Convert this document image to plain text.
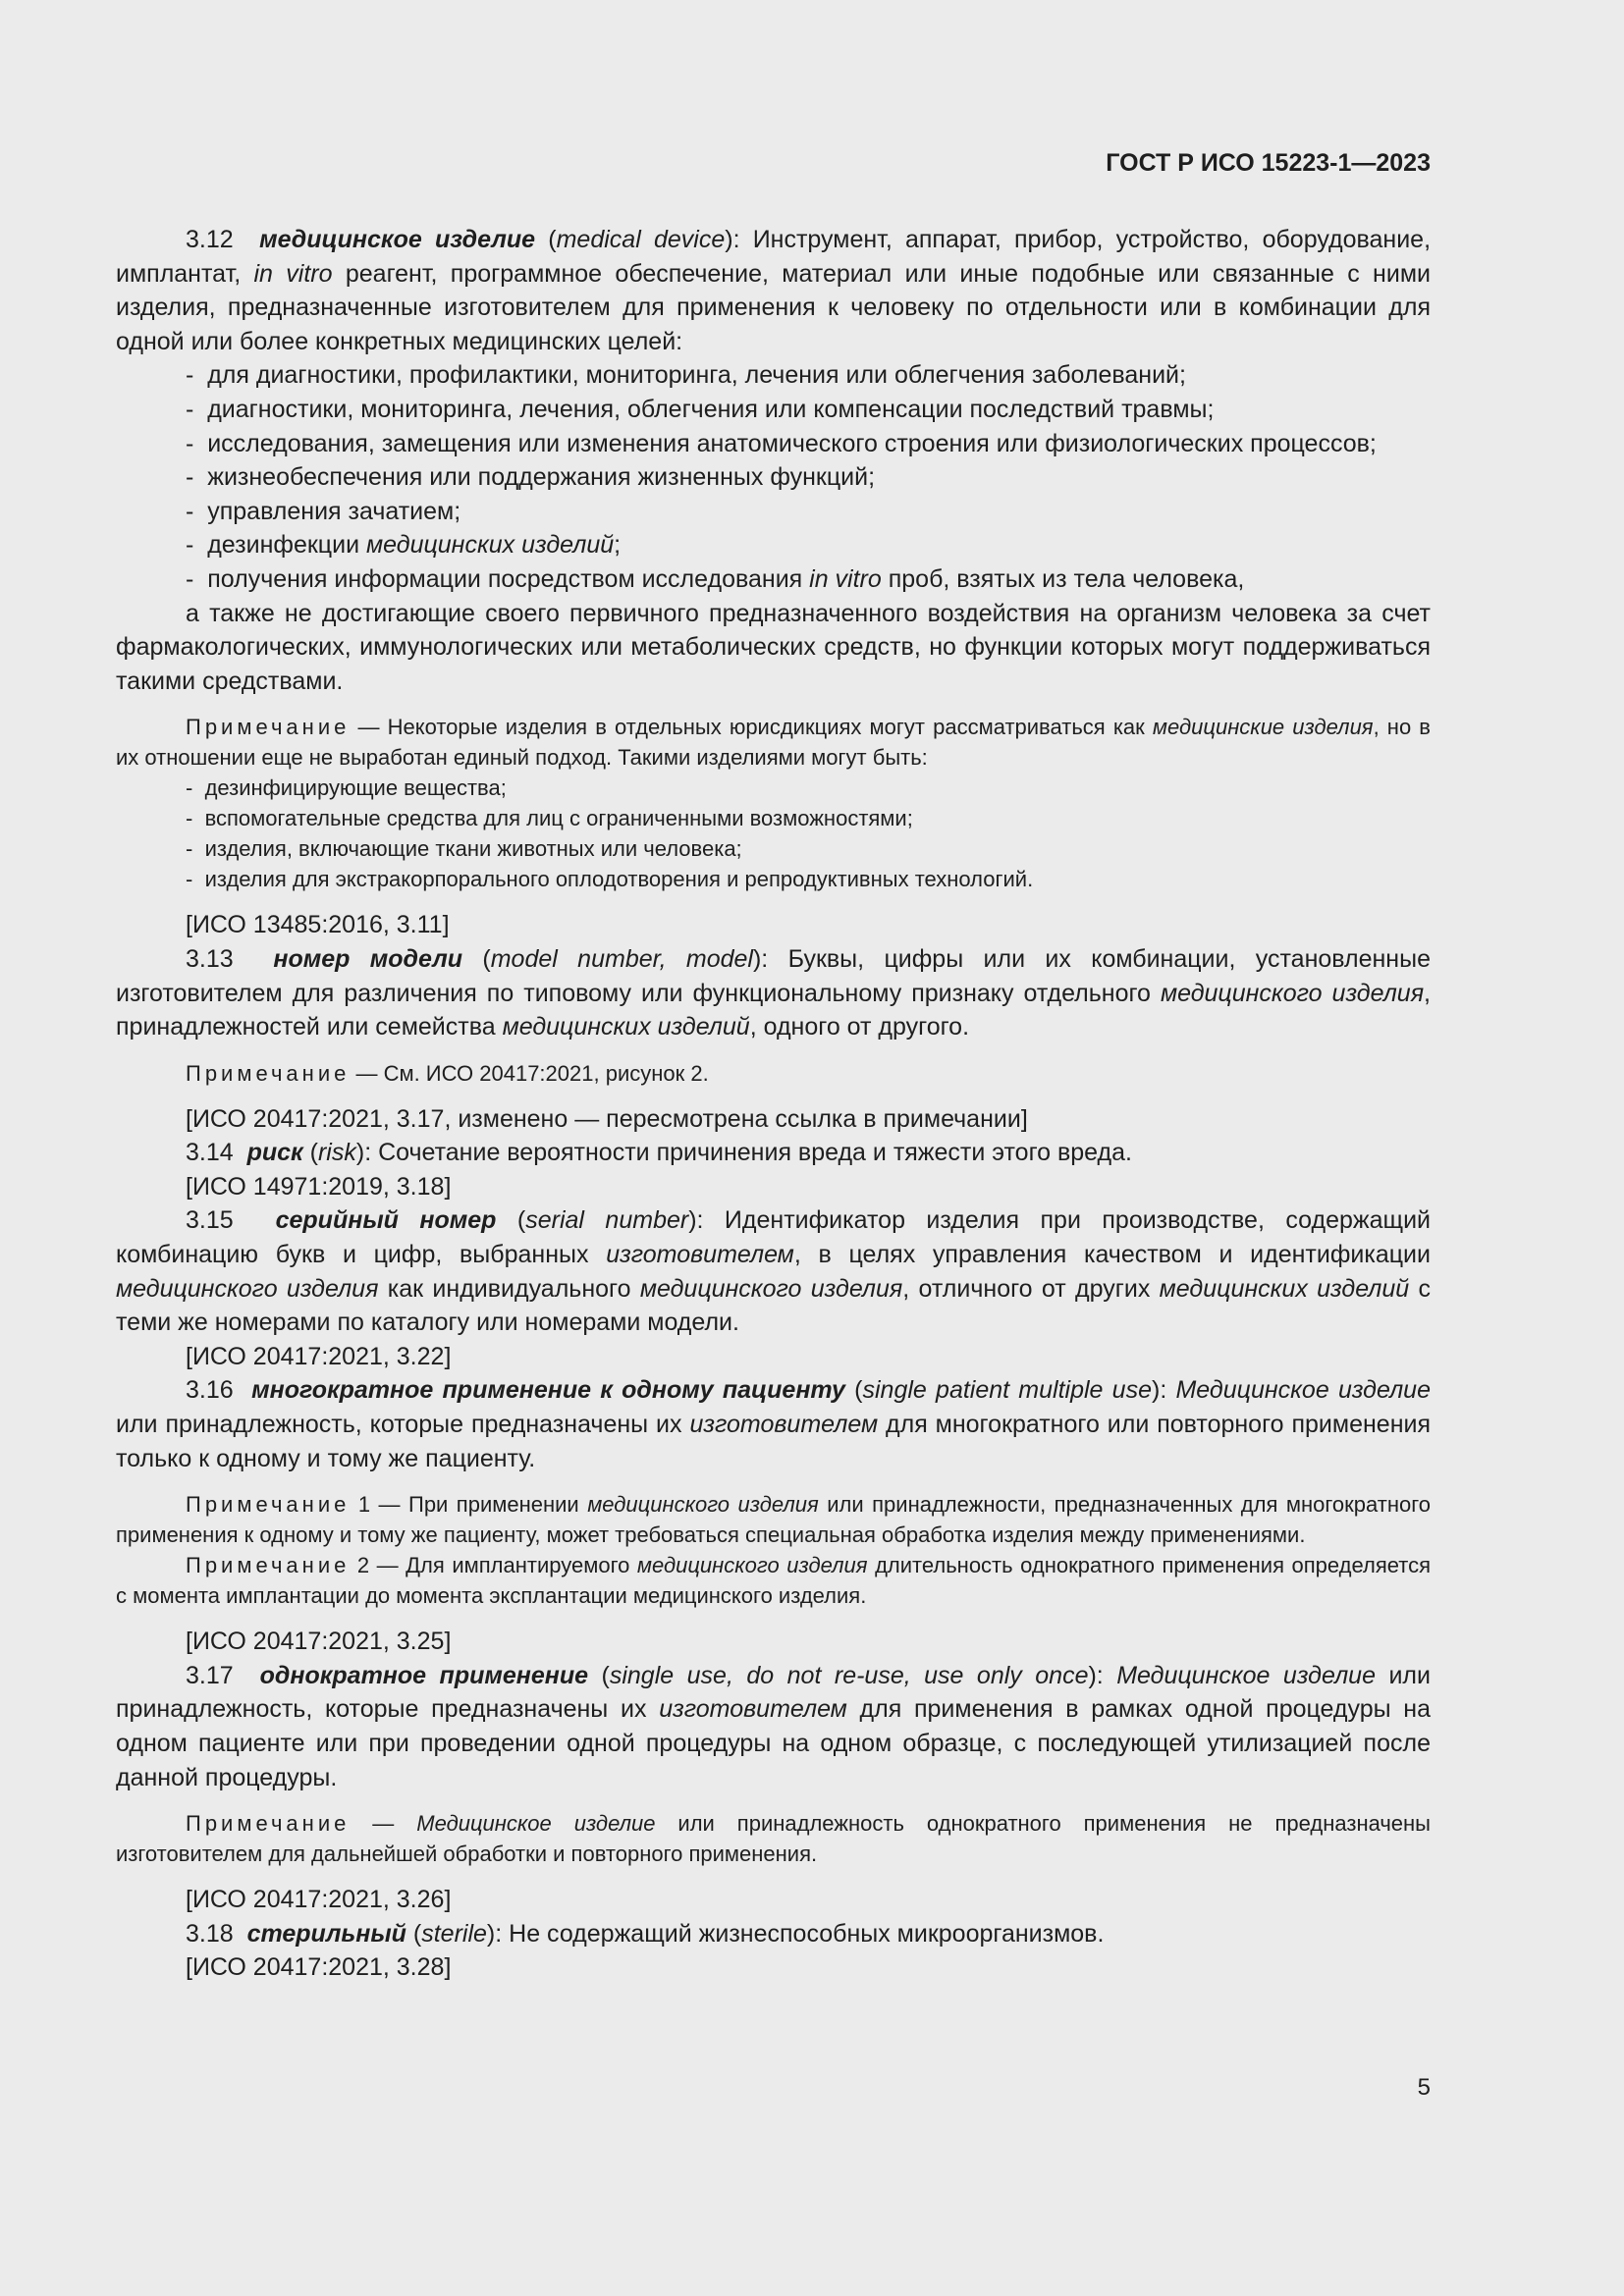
ГОСТ Р ИСО 15223-1—2023

3.12 медицинское изделие (medical device): Инструмент, аппарат, прибор, устройство, оборудование, имплантат, in vitro реагент, программное обеспечение, материал или иные подобные или связанные с ними изделия, предназначенные изготовителем для применения к человеку по отдельности или в комбинации для одной или более конкретных медицинских целей:

-  для диагностики, профилактики, мониторинга, лечения или облегчения заболеваний;

-  диагностики, мониторинга, лечения, облегчения или компенсации последствий травмы;

-  исследования, замещения или изменения анатомического строения или физиологических процессов;

-  жизнеобеспечения или поддержания жизненных функций;

-  управления зачатием;

-  дезинфекции медицинских изделий;

-  получения информации посредством исследования in vitro проб, взятых из тела человека,

а также не достигающие своего первичного предназначенного воздействия на организм человека за счет фармакологических, иммунологических или метаболических средств, но функции которых могут поддерживаться такими средствами.

Примечание — Некоторые изделия в отдельных юрисдикциях могут рассматриваться как медицинские изделия, но в их отношении еще не выработан единый подход. Такими изделиями могут быть:

-  дезинфицирующие вещества;

-  вспомогательные средства для лиц с ограниченными возможностями;

-  изделия, включающие ткани животных или человека;

-  изделия для экстракорпорального оплодотворения и репродуктивных технологий.

[ИСО 13485:2016, 3.11]

3.13 номер модели (model number, model): Буквы, цифры или их комбинации, установленные изготовителем для различения по типовому или функциональному признаку отдельного медицинского изделия, принадлежностей или семейства медицинских изделий, одного от другого.

Примечание — См. ИСО 20417:2021, рисунок 2.

[ИСО 20417:2021, 3.17, изменено — пересмотрена ссылка в примечании]

3.14 риск (risk): Сочетание вероятности причинения вреда и тяжести этого вреда.

[ИСО 14971:2019, 3.18]

3.15 серийный номер (serial number): Идентификатор изделия при производстве, содержащий комбинацию букв и цифр, выбранных изготовителем, в целях управления качеством и идентификации медицинского изделия как индивидуального медицинского изделия, отличного от других медицинских изделий с теми же номерами по каталогу или номерами модели.

[ИСО 20417:2021, 3.22]

3.16 многократное применение к одному пациенту (single patient multiple use): Медицинское изделие или принадлежность, которые предназначены их изготовителем для многократного или повторного применения только к одному и тому же пациенту.

Примечание 1 — При применении медицинского изделия или принадлежности, предназначенных для многократного применения к одному и тому же пациенту, может требоваться специальная обработка изделия между применениями.

Примечание 2 — Для имплантируемого медицинского изделия длительность однократного применения определяется с момента имплантации до момента эксплантации медицинского изделия.

[ИСО 20417:2021, 3.25]

3.17 однократное применение (single use, do not re-use, use only once): Медицинское изделие или принадлежность, которые предназначены их изготовителем для применения в рамках одной процедуры на одном пациенте или при проведении одной процедуры на одном образце, с последующей утилизацией после данной процедуры.

Примечание — Медицинское изделие или принадлежность однократного применения не предназначены изготовителем для дальнейшей обработки и повторного применения.

[ИСО 20417:2021, 3.26]

3.18 стерильный (sterile): Не содержащий жизнеспособных микроорганизмов.

[ИСО 20417:2021, 3.28]

5
